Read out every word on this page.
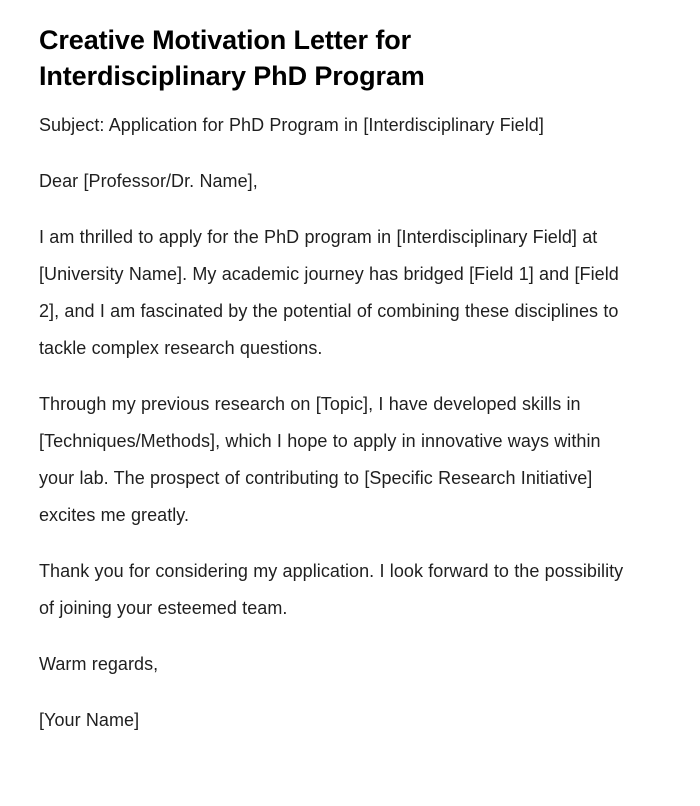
Creative Motivation Letter for Interdisciplinary PhD Program

Subject: Application for PhD Program in [Interdisciplinary Field]

Dear [Professor/Dr. Name],

I am thrilled to apply for the PhD program in [Interdisciplinary Field] at [University Name]. My academic journey has bridged [Field 1] and [Field 2], and I am fascinated by the potential of combining these disciplines to tackle complex research questions.

Through my previous research on [Topic], I have developed skills in [Techniques/Methods], which I hope to apply in innovative ways within your lab. The prospect of contributing to [Specific Research Initiative] excites me greatly.

Thank you for considering my application. I look forward to the possibility of joining your esteemed team.

Warm regards,

[Your Name]
